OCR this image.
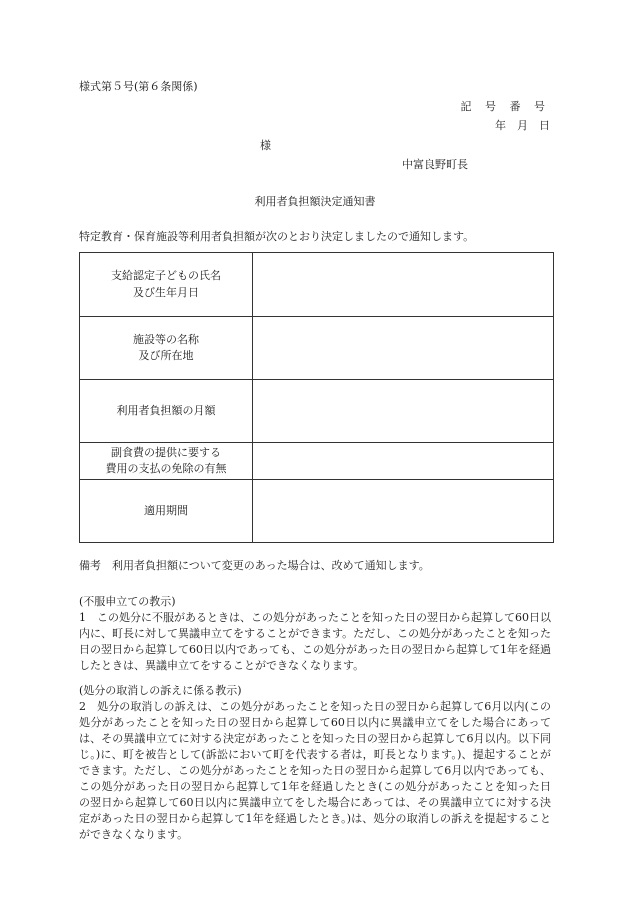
様式第５号(第６条関係)
記 号 番 号
年　月　日
様
中富良野町長
利用者負担額決定通知書
特定教育・保育施設等利用者負担額が次のとおり決定しましたので通知します。
支給認定子どもの氏名
及び生年月日	

施設等の名称
及び所在地	

利用者負担額の月額	

副食費の提供に要する
費用の支払の免除の有無	

適用期間	

備考　利用者負担額について変更のあった場合は、改めて通知します。
(不服申立ての教示)
1　この処分に不服があるときは、この処分があったことを知った日の翌日から起算して60日以内に、町長に対して異議申立てをすることができます。ただし、この処分があったことを知った日の翌日から起算して60日以内であっても、この処分があった日の翌日から起算して1年を経過したときは、異議申立てをすることができなくなります。
(処分の取消しの訴えに係る教示)
2　処分の取消しの訴えは、この処分があったことを知った日の翌日から起算して6月以内(この処分があったことを知った日の翌日から起算して60日以内に異議申立てをした場合にあっては、その異議申立てに対する決定があったことを知った日の翌日から起算して6月以内。以下同じ。)に、町を被告として(訴訟において町を代表する者は，町長となります。)、提起することができます。ただし、この処分があったことを知った日の翌日から起算して6月以内であっても、この処分があった日の翌日から起算して1年を経過したとき(この処分があったことを知った日の翌日から起算して60日以内に異議申立てをした場合にあっては、その異議申立てに対する決定があった日の翌日から起算して1年を経過したとき。)は、処分の取消しの訴えを提起することができなくなります。
